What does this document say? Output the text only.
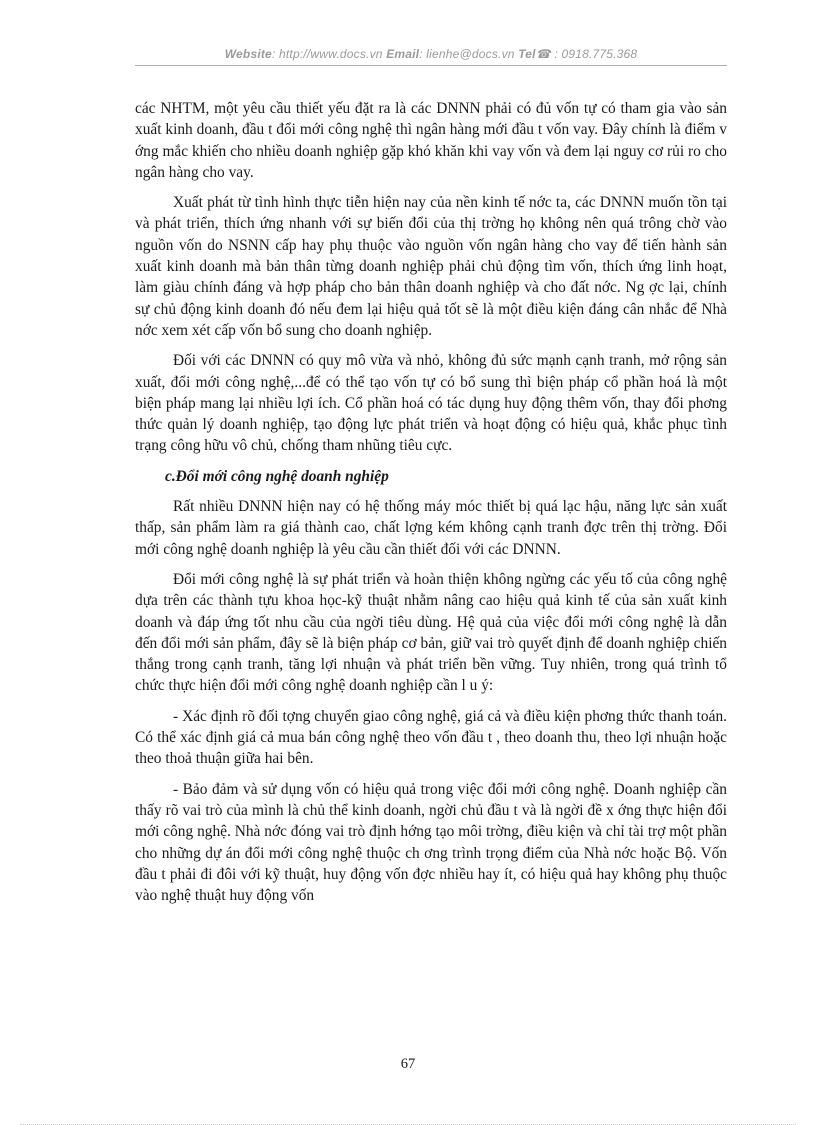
Website: http://www.docs.vn Email: lienhe@docs.vn Tel☎ : 0918.775.368

các NHTM, một yêu cầu thiết yếu đặt ra là các DNNN phải có đủ vốn tự có tham gia vào sản xuất kinh doanh, đầu t đổi mới công nghệ thì ngân hàng mới đầu t vốn vay. Đây chính là điểm v ớng mắc khiến cho nhiều doanh nghiệp gặp khó khăn khi vay vốn và đem lại nguy cơ rủi ro cho ngân hàng cho vay.

Xuất phát từ tình hình thực tiễn hiện nay của nền kinh tế nớc ta, các DNNN muốn tồn tại và phát triển, thích ứng nhanh với sự biến đổi của thị trờng họ không nên quá trông chờ vào nguồn vốn do NSNN cấp hay phụ thuộc vào nguồn vốn ngân hàng cho vay để tiến hành sản xuất kinh doanh mà bản thân từng doanh nghiệp phải chủ động tìm vốn, thích ứng linh hoạt, làm giàu chính đáng và hợp pháp cho bản thân doanh nghiệp và cho đất nớc. Ng ợc lại, chính sự chủ động kinh doanh đó nếu đem lại hiệu quả tốt sẽ là một điều kiện đáng cân nhắc để Nhà nớc xem xét cấp vốn bổ sung cho doanh nghiệp.

Đối với các DNNN có quy mô vừa và nhỏ, không đủ sức mạnh cạnh tranh, mở rộng sản xuất, đổi mới công nghệ,...để có thể tạo vốn tự có bổ sung thì biện pháp cổ phần hoá là một biện pháp mang lại nhiều lợi ích. Cổ phần hoá có tác dụng huy động thêm vốn, thay đổi phơng thức quản lý doanh nghiệp, tạo động lực phát triển và hoạt động có hiệu quả, khắc phục tình trạng công hữu vô chủ, chống tham nhũng tiêu cực.

c.Đổi mới công nghệ doanh nghiệp

Rất nhiều DNNN hiện nay có hệ thống máy móc thiết bị quá lạc hậu, năng lực sản xuất thấp, sản phẩm làm ra giá thành cao, chất lợng kém không cạnh tranh đợc trên thị trờng. Đổi mới công nghệ doanh nghiệp là yêu cầu cần thiết đối với các DNNN.

Đổi mới công nghệ là sự phát triển và hoàn thiện không ngừng các yếu tố của công nghệ dựa trên các thành tựu khoa học-kỹ thuật nhằm nâng cao hiệu quả kinh tế của sản xuất kinh doanh và đáp ứng tốt nhu cầu của ngời tiêu dùng. Hệ quả của việc đổi mới công nghệ là dẫn đến đổi mới sản phẩm, đây sẽ là biện pháp cơ bản, giữ vai trò quyết định để doanh nghiệp chiến thắng trong cạnh tranh, tăng lợi nhuận và phát triển bền vững. Tuy nhiên, trong quá trình tổ chức thực hiện đổi mới công nghệ doanh nghiệp cần l u ý:

- Xác định rõ đối tợng chuyển giao công nghệ, giá cả và điều kiện phơng thức thanh toán. Có thể xác định giá cả mua bán công nghệ theo vốn đầu t , theo doanh thu, theo lợi nhuận hoặc theo thoả thuận giữa hai bên.

- Bảo đảm và sử dụng vốn có hiệu quả trong việc đổi mới công nghệ. Doanh nghiệp cần thấy rõ vai trò của mình là chủ thể kinh doanh, ngời chủ đầu t và là ngời đề x ớng thực hiện đổi mới công nghệ. Nhà nớc đóng vai trò định hớng tạo môi trờng, điều kiện và chỉ tài trợ một phần cho những dự án đổi mới công nghệ thuộc ch ơng trình trọng điểm của Nhà nớc hoặc Bộ. Vốn đầu t phải đi đôi với kỹ thuật, huy động vốn đợc nhiều hay ít, có hiệu quả hay không phụ thuộc vào nghệ thuật huy động vốn

67
